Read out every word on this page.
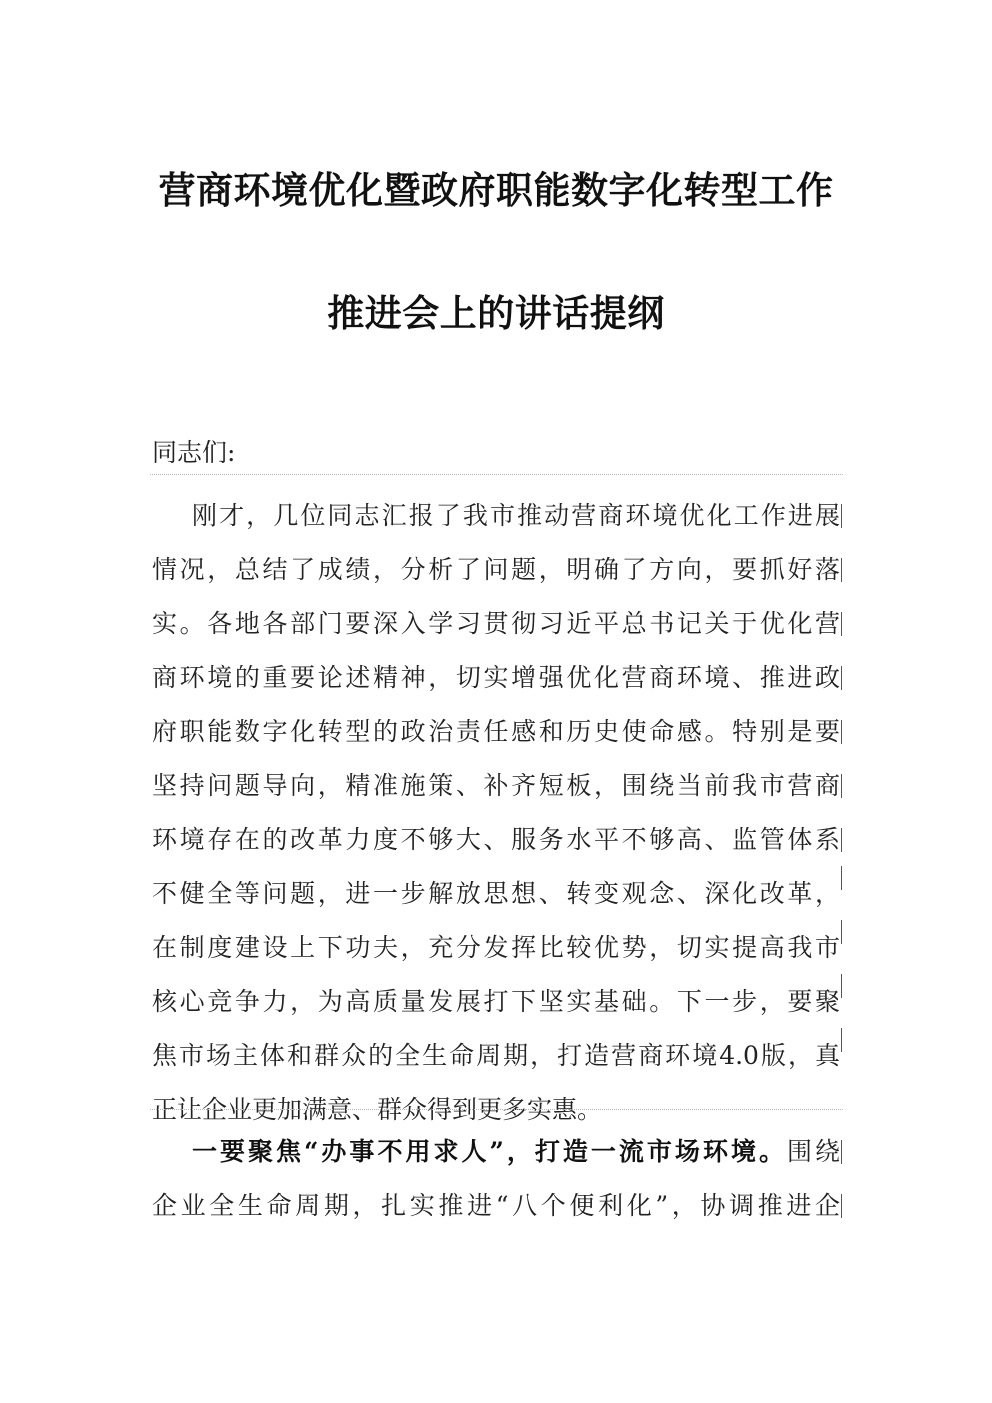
营商环境优化暨政府职能数字化转型工作
推进会上的讲话提纲
同志们:
刚才，几位同志汇报了我市推动营商环境优化工作进展
情况，总结了成绩，分析了问题，明确了方向，要抓好落
实。各地各部门要深入学习贯彻习近平总书记关于优化营
商环境的重要论述精神，切实增强优化营商环境、推进政
府职能数字化转型的政治责任感和历史使命感。特别是要
坚持问题导向，精准施策、补齐短板，围绕当前我市营商
环境存在的改革力度不够大、服务水平不够高、监管体系
不健全等问题，进一步解放思想、转变观念、深化改革，
在制度建设上下功夫，充分发挥比较优势，切实提高我市
核心竞争力，为高质量发展打下坚实基础。下一步，要聚
焦市场主体和群众的全生命周期，打造营商环境4.0版，真
正让企业更加满意、群众得到更多实惠。
一要聚焦“办事不用求人”，打造一流市场环境。围绕
企业全生命周期，扎实推进“八个便利化”，协调推进企
